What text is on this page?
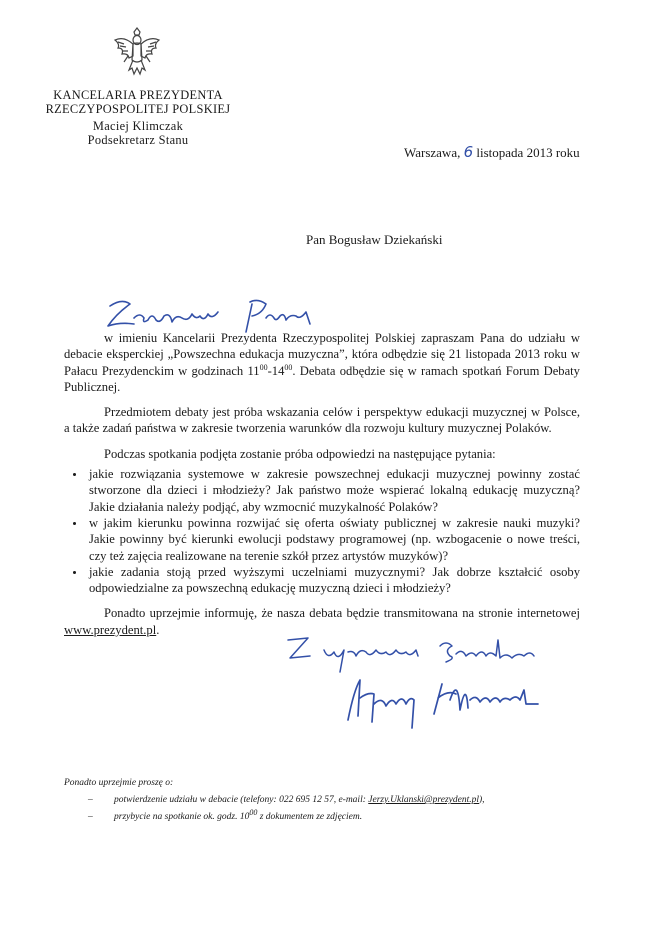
KANCELARIA PREZYDENTA
RZECZYPOSPOLITEJ POLSKIEJ
Maciej Klimczak
Podsekretarz Stanu
Warszawa, 6 listopada 2013 roku
Pan Bogusław Dziekański

w imieniu Kancelarii Prezydenta Rzeczypospolitej Polskiej zapraszam Pana do udziału w debacie eksperckiej „Powszechna edukacja muzyczna”, która odbędzie się 21 listopada 2013 roku w Pałacu Prezydenckim w godzinach $11^{00}-14^{00}$. Debata odbędzie się w ramach spotkań Forum Debaty Publicznej.

Przedmiotem debaty jest próba wskazania celów i perspektyw edukacji muzycznej w Polsce, a także zadań państwa w zakresie tworzenia warunków dla rozwoju kultury muzycznej Polaków.

Podczas spotkania podjęta zostanie próba odpowiedzi na następujące pytania:

• jakie rozwiązania systemowe w zakresie powszechnej edukacji muzycznej powinny zostać stworzone dla dzieci i młodzieży? Jak państwo może wspierać lokalną edukację muzyczną? Jakie działania należy podjąć, aby wzmocnić muzykalność Polaków?
• w jakim kierunku powinna rozwijać się oferta oświaty publicznej w zakresie nauki muzyki? Jakie powinny być kierunki ewolucji podstawy programowej (np. wzbogacenie o nowe treści, czy też zajęcia realizowane na terenie szkół przez artystów muzyków)?
• jakie zadania stoją przed wyższymi uczelniami muzycznymi? Jak dobrze kształcić osoby odpowiedzialne za powszechną edukację muzyczną dzieci i młodzieży?

Ponadto uprzejmie informuję, że nasza debata będzie transmitowana na stronie internetowej www.prezydent.pl.

Ponadto uprzejmie proszę o:
– potwierdzenie udziału w debacie (telefony: 022 695 12 57, e-mail: Jerzy.Uklanski@prezydent.pl),
– przybycie na spotkanie ok. godz. $10^{00}$ z dokumentem ze zdjęciem.
